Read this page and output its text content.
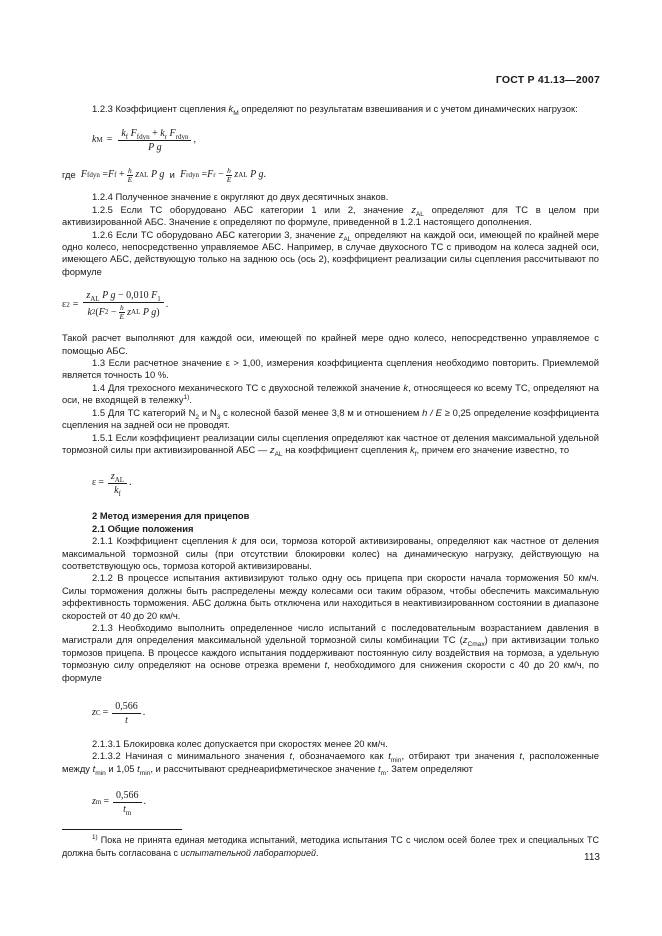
ГОСТ Р 41.13—2007

1.2.3 Коэффициент сцепления $k_M$ определяют по результатам взвешивания и с учетом динамических нагрузок:

k $M = \frac{k_f F_{fdyn} + k_r F_{rdyn}}{\text{P g}}$ ,
где
F fdyn = F $f + \frac{h}{E}$ z AL
P g
и
F rdyn = F $r - \frac{h}{E}$ z AL
P g .

1.2.4 Полученное значение ε округляют до двух десятичных знаков.

1.2.5 Если ТС оборудовано АБС категории 1 или 2, значение $z_{AL}$ определяют для ТС в целом при активизированной АБС. Значение ε определяют по формуле, приведенной в 1.2.1 настоящего дополнения.

1.2.6 Если ТС оборудовано АБС категории 3, значение $z_{AL}$ определяют на каждой оси, имеющей по крайней мере одно колесо, непосредственно управляемое АБС. Например, в случае двухосного ТС с приводом на колеса задней оси, имеющего АБС, действующую только на заднюю ось (ось 2), коэффициент реализации силы сцепления рассчитывают по формуле

ε $2 = z_{AL}$ P g − 0,010 $F_1$
k 2 ( F $2 - \frac{h}{E}$ z AL
P g ) .

Такой расчет выполняют для каждой оси, имеющей по крайней мере одно колесо, непосредственно управляемое с помощью АБС.

1.3 Если расчетное значение ε > 1,00, измерения коэффициента сцепления необходимо повторить. Приемлемой является точность 10 %.

1.4 Для трехосного механического ТС с двухосной тележкой значение k, относящееся ко всему ТС, определяют на оси, не входящей в тележку$^{1)}$.

1.5 Для ТС категорий $N_2$ и $N_3$ с колесной базой менее 3,8 м и отношением h / E ≥ 0,25 определение коэффициента сцепления на задней оси не проводят.

1.5.1 Если коэффициент реализации силы сцепления определяют как частное от деления максимальной удельной тормозной силы при активизированной АБС — $z_{AL}$ на коэффициент сцепления $k_f$, причем его значение известно, то

$\varepsilon = \frac{z_{AL}}{k_f}$ .

2 Метод измерения для прицепов

2.1 Общие положения

2.1.1 Коэффициент сцепления k для оси, тормоза которой активизированы, определяют как частное от деления максимальной тормозной силы (при отсутствии блокировки колес) на динамическую нагрузку, действующую на соответствующую ось, тормоза которой активизированы.

2.1.2 В процессе испытания активизируют только одну ось прицепа при скорости начала торможения 50 км/ч. Силы торможения должны быть распределены между колесами оси таким образом, чтобы обеспечить максимальную эффективность торможения. АБС должна быть отключена или находиться в неактивизированном состоянии в диапазоне скоростей от 40 до 20 км/ч.

2.1.3 Необходимо выполнить определенное число испытаний с последовательным возрастанием давления в магистрали для определения максимальной удельной тормозной силы комбинации ТС $(z_{Cmax})$ при активизации только тормозов прицепа. В процессе каждого испытания поддерживают постоянную силу воздействия на тормоза, а удельную тормозную силу определяют на основе отрезка времени t, необходимого для снижения скорости с 40 до 20 км/ч, по формуле

z $C = \frac{0,566}{t}$ .

2.1.3.1 Блокировка колес допускается при скоростях менее 20 км/ч.

2.1.3.2 Начиная с минимального значения t, обозначаемого как $t_{min}$, отбирают три значения t, расположенные между $t_{min}$ и 1,05 $t_{min}$, и рассчитывают среднеарифметическое значение $t_m$. Затем определяют

z $m = \frac{0,566}{t_m}$ .

$^{1)}$ Пока не принята единая методика испытаний, методика испытания ТС с числом осей более трех и специальных ТС должна быть согласована с испытательной лабораторией.	113
